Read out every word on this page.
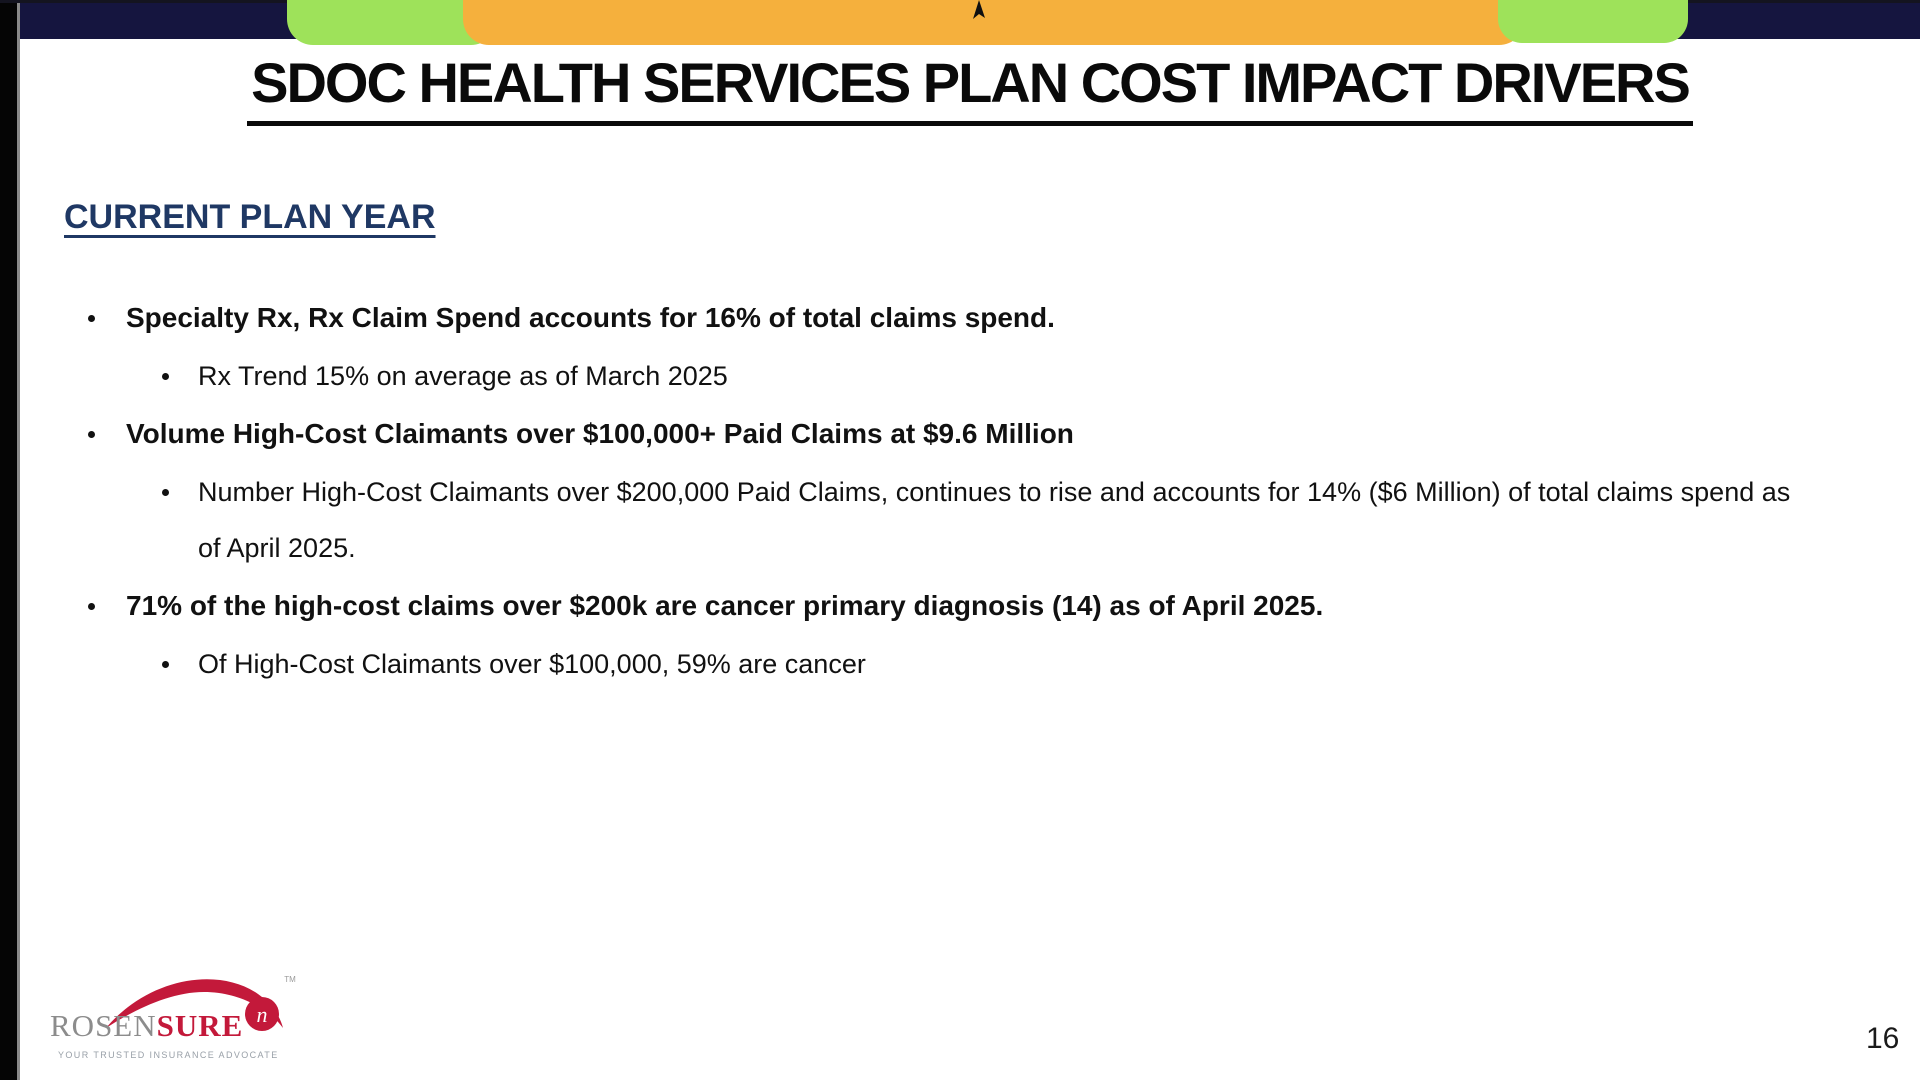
SDOC HEALTH SERVICES PLAN COST IMPACT DRIVERS
CURRENT PLAN YEAR

Specialty Rx, Rx Claim Spend accounts for 16% of total claims spend.

Rx Trend 15% on average as of March 2025

Volume High-Cost Claimants over $100,000+ Paid Claims at $9.6 Million

Number High-Cost Claimants over $200,000 Paid Claims, continues to rise and accounts for 14% ($6 Million) of total claims spend as of April 2025.

71% of the high-cost claims over $200k are cancer primary diagnosis (14) as of April 2025.

Of High-Cost Claimants over $100,000, 59% are cancer

n
TM
ROSENSURE
YOUR TRUSTED INSURANCE ADVOCATE	16
